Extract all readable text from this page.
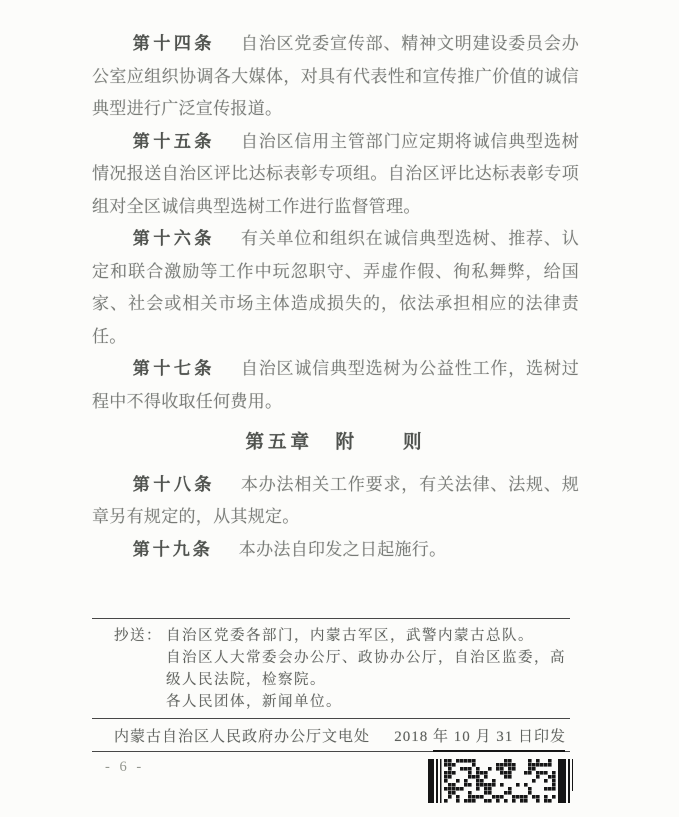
第十四条 自治区党委宣传部、精神文明建设委员会办公室应组织协调各大媒体，对具有代表性和宣传推广价值的诚信典型进行广泛宣传报道。

第十五条 自治区信用主管部门应定期将诚信典型选树情况报送自治区评比达标表彰专项组。自治区评比达标表彰专项组对全区诚信典型选树工作进行监督管理。

第十六条 有关单位和组织在诚信典型选树、推荐、认定和联合激励等工作中玩忽职守、弄虚作假、徇私舞弊，给国家、社会或相关市场主体造成损失的，依法承担相应的法律责任。

第十七条 自治区诚信典型选树为公益性工作，选树过程中不得收取任何费用。

第五章　附　　则

第十八条 本办法相关工作要求，有关法律、法规、规章另有规定的，从其规定。

第十九条 本办法自印发之日起施行。

抄送： 自治区党委各部门，内蒙古军区，武警内蒙古总队。

自治区人大常委会办公厅、政协办公厅，自治区监委，高级人民法院，检察院。

各人民团体，新闻单位。

内蒙古自治区人民政府办公厅文电处 2018 年 10 月 31 日印发
- 6 -
